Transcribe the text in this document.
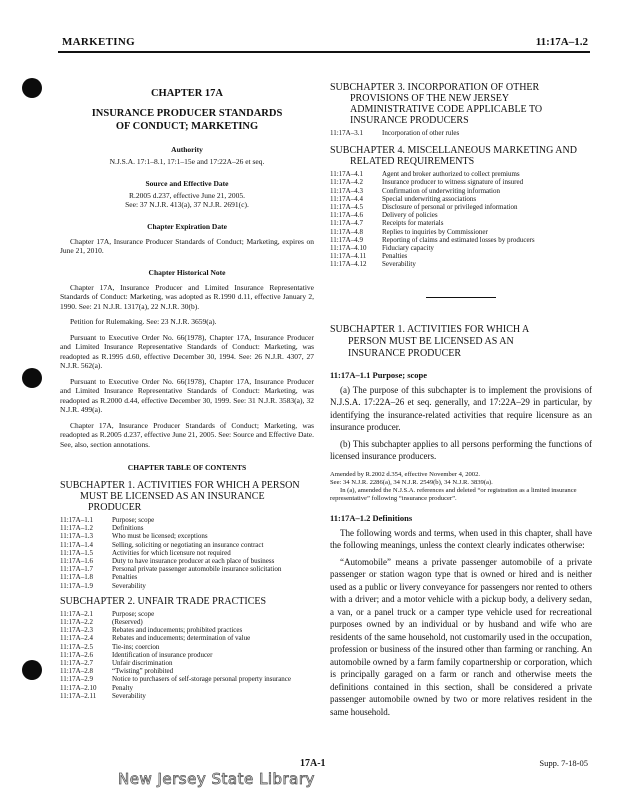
MARKETING	11:17A–1.2
CHAPTER 17A
INSURANCE PRODUCER STANDARDS
OF CONDUCT; MARKETING
Authority
N.J.S.A. 17:1–8.1, 17:1–15e and 17:22A–26 et seq.
Source and Effective Date
R.2005 d.237, effective June 21, 2005.
See: 37 N.J.R. 413(a), 37 N.J.R. 2691(c).
Chapter Expiration Date
Chapter 17A, Insurance Producer Standards of Conduct; Marketing, expires on June 21, 2010.
Chapter Historical Note
Chapter 17A, Insurance Producer and Limited Insurance Representative Standards of Conduct: Marketing, was adopted as R.1990 d.11, effective January 2, 1990. See: 21 N.J.R. 1317(a), 22 N.J.R. 30(b).
Petition for Rulemaking. See: 23 N.J.R. 3659(a).
Pursuant to Executive Order No. 66(1978), Chapter 17A, Insurance Producer and Limited Insurance Representative Standards of Conduct: Marketing, was readopted as R.1995 d.60, effective December 30, 1994. See: 26 N.J.R. 4307, 27 N.J.R. 562(a).
Pursuant to Executive Order No. 66(1978), Chapter 17A, Insurance Producer and Limited Insurance Representative Standards of Conduct: Marketing, was readopted as R.2000 d.44, effective December 30, 1999. See: 31 N.J.R. 3583(a), 32 N.J.R. 499(a).
Chapter 17A, Insurance Producer Standards of Conduct; Marketing, was readopted as R.2005 d.237, effective June 21, 2005. See: Source and Effective Date. See, also, section annotations.
CHAPTER TABLE OF CONTENTS
SUBCHAPTER 1. ACTIVITIES FOR WHICH A PERSON
MUST BE LICENSED AS AN INSURANCE
PRODUCER
11:17A–1.1	Purpose; scope
11:17A–1.2	Definitions
11:17A–1.3	Who must be licensed; exceptions
11:17A–1.4	Selling, soliciting or negotiating an insurance contract
11:17A–1.5	Activities for which licensure not required
11:17A–1.6	Duty to have insurance producer at each place of business
11:17A–1.7	Personal private passenger automobile insurance solicitation
11:17A–1.8	Penalties
11:17A–1.9	Severability
SUBCHAPTER 2. UNFAIR TRADE PRACTICES
11:17A–2.1	Purpose; scope
11:17A–2.2	(Reserved)
11:17A–2.3	Rebates and inducements; prohibited practices
11:17A–2.4	Rebates and inducements; determination of value
11:17A–2.5	Tie-ins; coercion
11:17A–2.6	Identification of insurance producer
11:17A–2.7	Unfair discrimination
11:17A–2.8	“Twisting” prohibited
11:17A–2.9	Notice to purchasers of self-storage personal property insurance
11:17A–2.10	Penalty
11:17A–2.11	Severability
SUBCHAPTER 3. INCORPORATION OF OTHER
PROVISIONS OF THE NEW JERSEY
ADMINISTRATIVE CODE APPLICABLE TO
INSURANCE PRODUCERS
11:17A–3.1	Incorporation of other rules
SUBCHAPTER 4. MISCELLANEOUS MARKETING AND
RELATED REQUIREMENTS
11:17A–4.1	Agent and broker authorized to collect premiums
11:17A–4.2	Insurance producer to witness signature of insured
11:17A–4.3	Confirmation of underwriting information
11:17A–4.4	Special underwriting associations
11:17A–4.5	Disclosure of personal or privileged information
11:17A–4.6	Delivery of policies
11:17A–4.7	Receipts for materials
11:17A–4.8	Replies to inquiries by Commissioner
11:17A–4.9	Reporting of claims and estimated losses by producers
11:17A–4.10	Fiduciary capacity
11:17A–4.11	Penalties
11:17A–4.12	Severability
SUBCHAPTER 1. ACTIVITIES FOR WHICH A
PERSON MUST BE LICENSED AS AN
INSURANCE PRODUCER
11:17A–1.1 Purpose; scope
(a) The purpose of this subchapter is to implement the provisions of N.J.S.A. 17:22A–26 et seq. generally, and 17:22A–29 in particular, by identifying the insurance-related activities that require licensure as an insurance producer.
(b) This subchapter applies to all persons performing the functions of licensed insurance producers.
Amended by R.2002 d.354, effective November 4, 2002.
See: 34 N.J.R. 2286(a), 34 N.J.R. 2549(b), 34 N.J.R. 3839(a).
In (a), amended the N.J.S.A. references and deleted “or registration as a limited insurance representative” following “insurance producer”.
11:17A–1.2 Definitions
The following words and terms, when used in this chapter, shall have the following meanings, unless the context clearly indicates otherwise:
“Automobile” means a private passenger automobile of a private passenger or station wagon type that is owned or hired and is neither used as a public or livery conveyance for passengers nor rented to others with a driver; and a motor vehicle with a pickup body, a delivery sedan, a van, or a panel truck or a camper type vehicle used for recreational purposes owned by an individual or by husband and wife who are residents of the same household, not customarily used in the occupation, profession or business of the insured other than farming or ranching. An automobile owned by a farm family copartnership or corporation, which is principally garaged on a farm or ranch and otherwise meets the definitions contained in this section, shall be considered a private passenger automobile owned by two or more relatives resident in the same household.
17A-1	Supp. 7-18-05
New Jersey State Library
